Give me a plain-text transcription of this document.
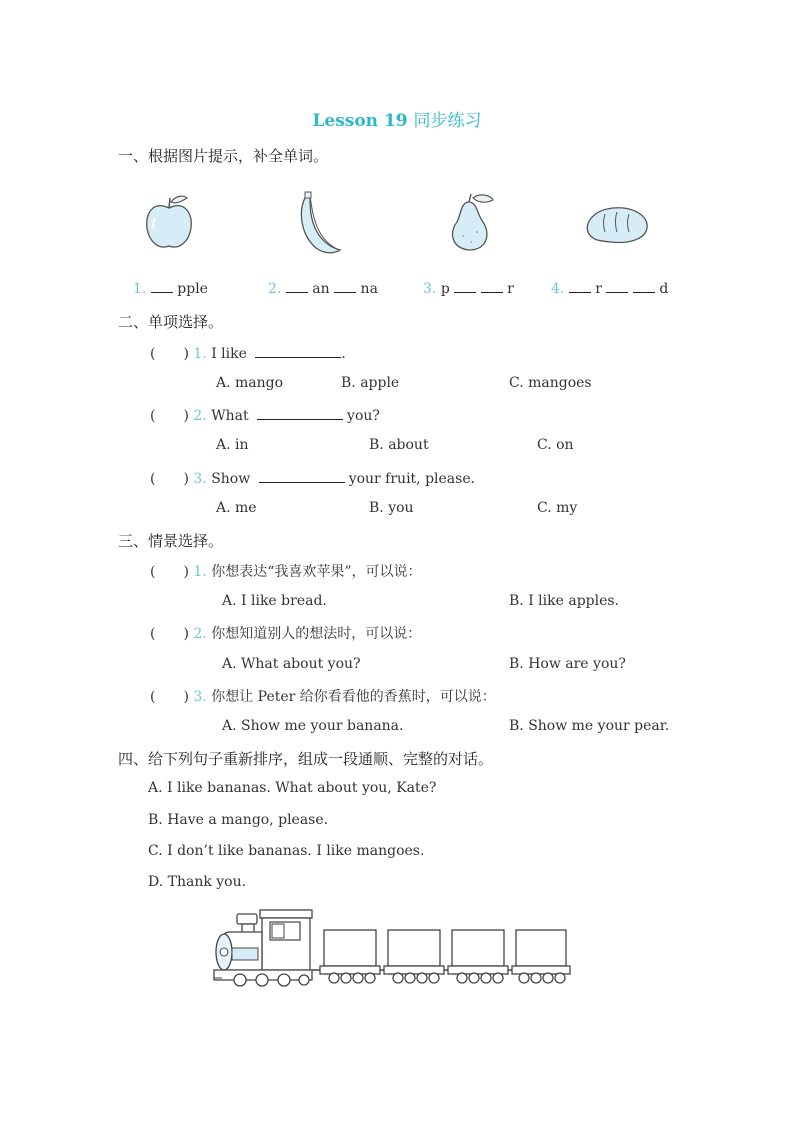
Lesson 19 同步练习
一、根据图片提示，补全单词。
1. pple	2. an na	3. p	r	4. r	d
二、单项选择。
(　　) 1. I like	.
A. mango	B. apple	C. mangoes
(　　) 2. What	you?
A. in	B. about	C. on
(　　) 3. Show	your fruit, please.
A. me	B. you	C. my
三、情景选择。
(　　) 1. 你想表达“我喜欢苹果”，可以说：
A. I like bread.	B. I like apples.
(　　) 2. 你想知道别人的想法时，可以说：
A. What about you?	B. How are you?
(　　) 3. 你想让 Peter 给你看看他的香蕉时，可以说：
A. Show me your banana.	B. Show me your pear.
四、给下列句子重新排序，组成一段通顺、完整的对话。
A. I like bananas. What about you, Kate?
B. Have a mango, please.
C. I don’t like bananas. I like mangoes.
D. Thank you.
